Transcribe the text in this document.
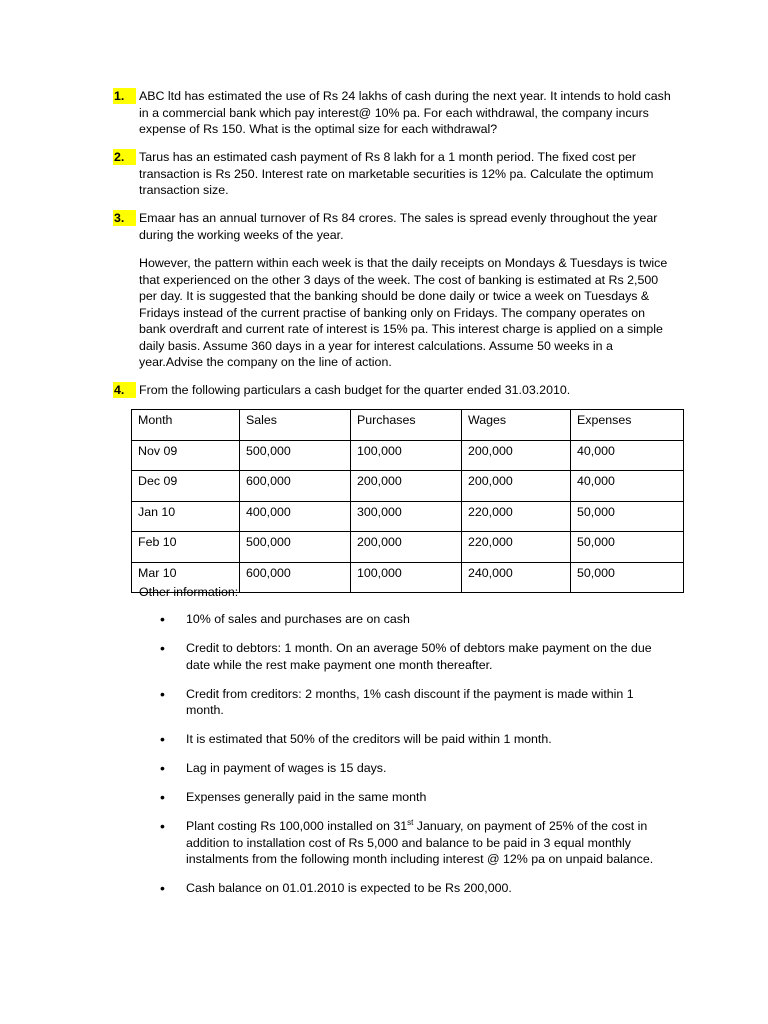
1.	ABC ltd has estimated the use of Rs 24 lakhs of cash during the next year. It intends to hold cash in a commercial bank which pay interest@ 10% pa. For each withdrawal, the company incurs expense of Rs 150. What is the optimal size for each withdrawal?
2.	Tarus has an estimated cash payment of Rs 8 lakh for a 1 month period. The fixed cost per transaction is Rs 250. Interest rate on marketable securities is 12% pa. Calculate the optimum transaction size.
3.	Emaar has an annual turnover of Rs 84 crores. The sales is spread evenly throughout the year during the working weeks of the year.
However, the pattern within each week is that the daily receipts on Mondays & Tuesdays is twice that experienced on the other 3 days of the week. The cost of banking is estimated at Rs 2,500 per day. It is suggested that the banking should be done daily or twice a week on Tuesdays & Fridays instead of the current practise of banking only on Fridays. The company operates on bank overdraft and current rate of interest is 15% pa. This interest charge is applied on a simple daily basis. Assume 360 days in a year for interest calculations. Assume 50 weeks in a year.Advise the company on the line of action.
4.	From the following particulars a cash budget for the quarter ended 31.03.2010.
Month	Sales	Purchases	Wages	Expenses
Nov 09	500,000	100,000	200,000	40,000
Dec 09	600,000	200,000	200,000	40,000
Jan 10	400,000	300,000	220,000	50,000
Feb 10	500,000	200,000	220,000	50,000
Mar 10	600,000	100,000	240,000	50,000
Other information:
• 10% of sales and purchases are on cash
• Credit to debtors: 1 month. On an average 50% of debtors make payment on the due date while the rest make payment one month thereafter.
• Credit from creditors: 2 months, 1% cash discount if the payment is made within 1 month.
• It is estimated that 50% of the creditors will be paid within 1 month.
• Lag in payment of wages is 15 days.
• Expenses generally paid in the same month
• Plant costing Rs 100,000 installed on 31st January, on payment of 25% of the cost in addition to installation cost of Rs 5,000 and balance to be paid in 3 equal monthly instalments from the following month including interest @ 12% pa on unpaid balance.
• Cash balance on 01.01.2010 is expected to be Rs 200,000.
